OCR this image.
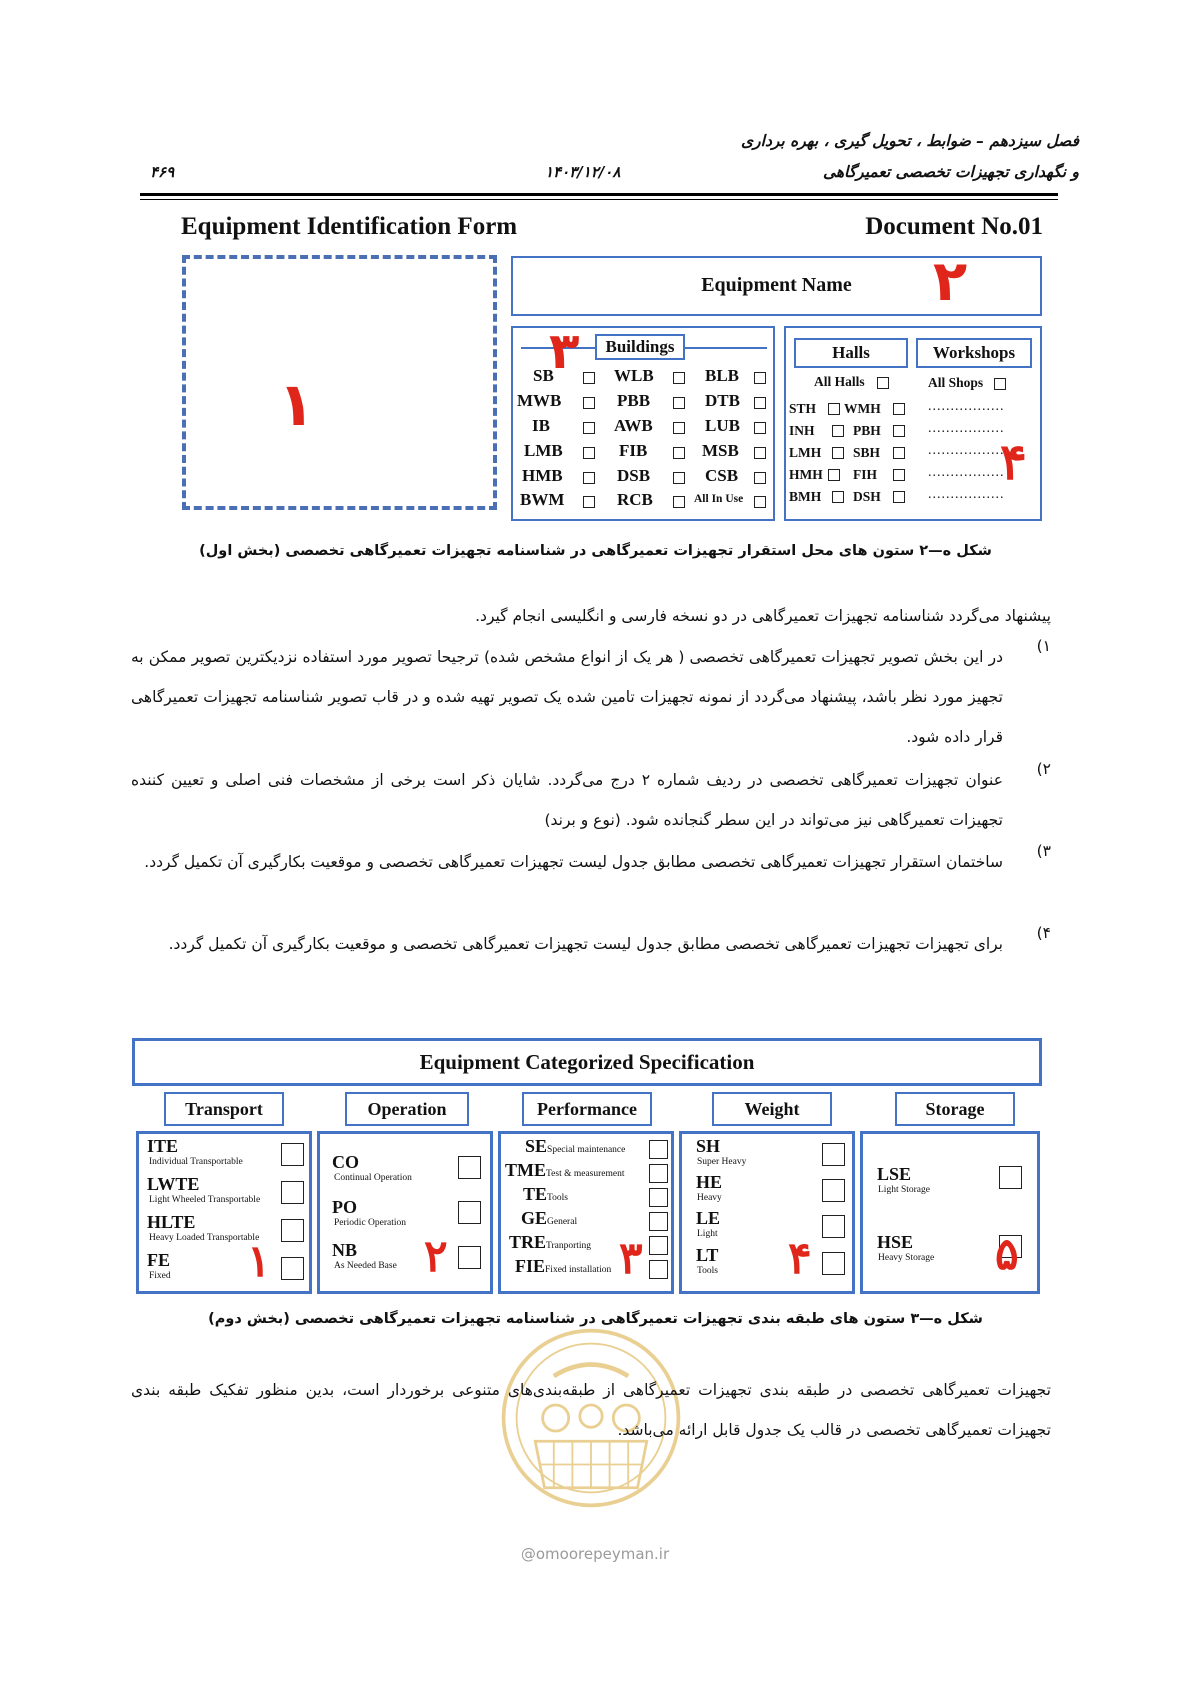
فصل سیزدهم – ضوابط ، تحویل گیری ، بهره برداری
و نگهداری تجهیزات تخصصی تعمیرگاهی
۱۴۰۳/۱۲/۰۸
۴۶۹
Equipment Identification Form	Document No.01
۱
Equipment Name	۲
Buildings
۳
SB	WLB	BLB
MWB	PBB	DTB
IB	AWB	LUB
LMB	FIB	MSB
HMB	DSB	CSB
BWM	RCB	All In Use
Halls	Workshops
All Halls	All Shops
STH WMH	.................
INH	PBH	.................
LMH SBH	.................
HMH FIH	.................
BMH DSH	.................
۴
شکل ه—۲ ستون های محل استقرار تجهیزات تعمیرگاهی در شناسنامه تجهیزات تعمیرگاهی تخصصی (بخش اول)
پیشنهاد می‌گردد شناسنامه تجهیزات تعمیرگاهی در دو نسخه فارسی و انگلیسی انجام گیرد.
۱)
در این بخش تصویر تجهیزات تعمیرگاهی تخصصی ( هر یک از انواع مشخص شده) ترجیحا تصویر مورد استفاده نزدیکترین تصویر ممکن به تجهیز مورد نظر باشد، پیشنهاد می‌گردد از نمونه تجهیزات تامین شده یک تصویر تهیه شده و در قاب تصویر شناسنامه تجهیزات تعمیرگاهی قرار داده شود.
۲)
عنوان تجهیزات تعمیرگاهی تخصصی در ردیف شماره ۲ درج می‌گردد. شایان ذکر است برخی از مشخصات فنی اصلی و تعیین کننده تجهیزات تعمیرگاهی نیز می‌تواند در این سطر گنجانده شود. (نوع و برند)
۳)
ساختمان استقرار تجهیزات تعمیرگاهی تخصصی مطابق جدول لیست تجهیزات تعمیرگاهی تخصصی و موقعیت بکارگیری آن تکمیل گردد.
۴)
برای تجهیزات تجهیزات تعمیرگاهی تخصصی مطابق جدول لیست تجهیزات تعمیرگاهی تخصصی و موقعیت بکارگیری آن تکمیل گردد.
Equipment Categorized Specification
Transport	Operation	Performance	Weight	Storage
ITE
Individual Transportable
LWTE
Light Wheeled Transportable
HLTE
Heavy Loaded Transportable
FE
Fixed ۱
CO
Continual Operation
PO
Periodic Operation
NB
As Needed Base ۲
SESpecial maintenance
TMETest & measurement
TETools
GEGeneral
TRETranporting
FIEFixed installation ۳
SH
Super Heavy
HE
Heavy
LE
Light
LT
Tools ۴
LSE
Light Storage
HSE
Heavy Storage ۵
شکل ه—۳ ستون های طبقه بندی تجهیزات تعمیرگاهی در شناسنامه تجهیزات تعمیرگاهی تخصصی (بخش دوم)
@omoorepeyman.ir
تجهیزات تعمیرگاهی تخصصی در طبقه بندی تجهیزات تعمیرگاهی از طبقه‌بندی‌های متنوعی برخوردار است، بدین منظور تفکیک طبقه بندی تجهیزات تعمیرگاهی تخصصی در قالب یک جدول قابل ارائه می‌باشد.
